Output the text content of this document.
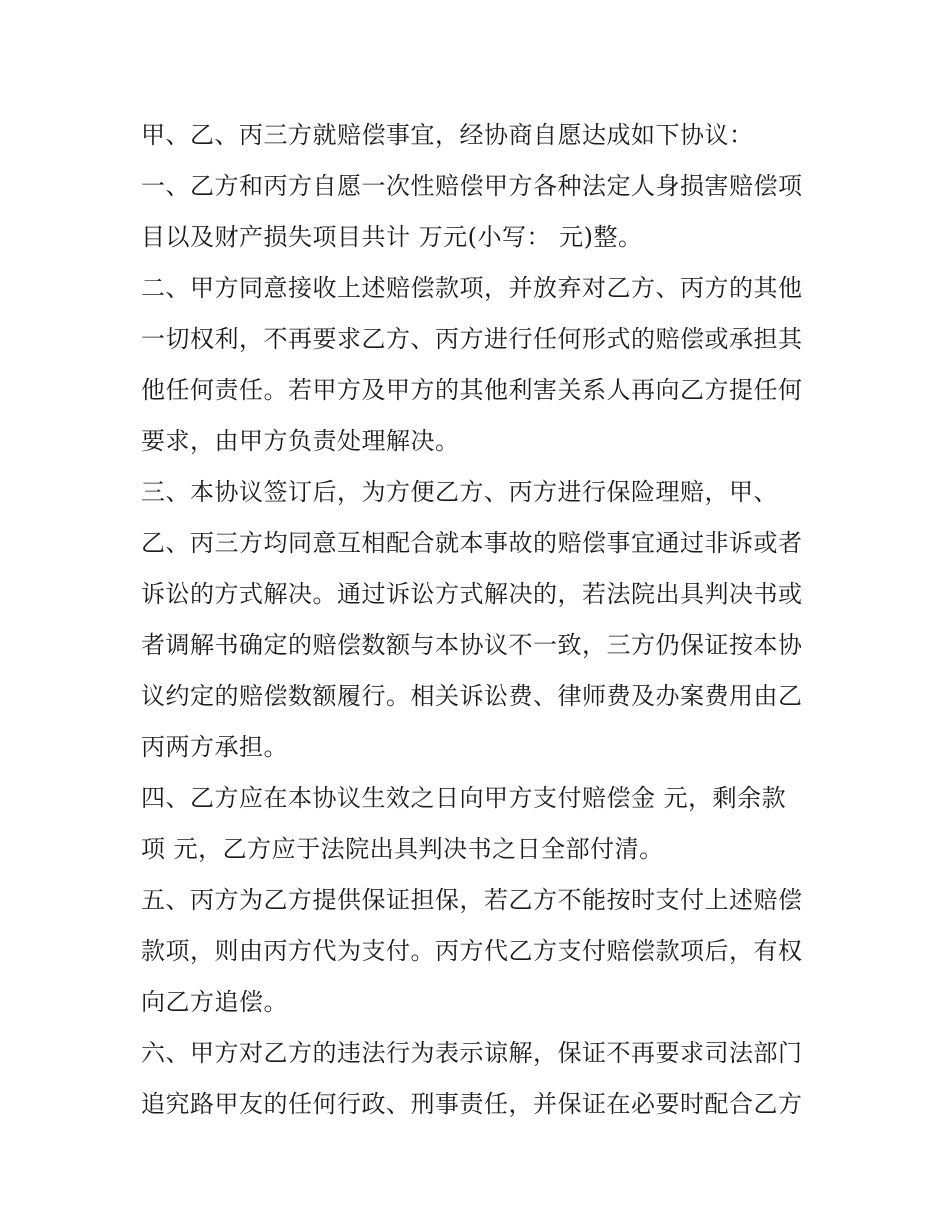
甲、乙、丙三方就赔偿事宜，经协商自愿达成如下协议：
一、乙方和丙方自愿一次性赔偿甲方各种法定人身损害赔偿项
目以及财产损失项目共计 万元(小写： 元)整。
二、甲方同意接收上述赔偿款项，并放弃对乙方、丙方的其他
一切权利，不再要求乙方、丙方进行任何形式的赔偿或承担其
他任何责任。若甲方及甲方的其他利害关系人再向乙方提任何
要求，由甲方负责处理解决。
三、本协议签订后，为方便乙方、丙方进行保险理赔，甲、
乙、丙三方均同意互相配合就本事故的赔偿事宜通过非诉或者
诉讼的方式解决。通过诉讼方式解决的，若法院出具判决书或
者调解书确定的赔偿数额与本协议不一致，三方仍保证按本协
议约定的赔偿数额履行。相关诉讼费、律师费及办案费用由乙
丙两方承担。
四、乙方应在本协议生效之日向甲方支付赔偿金 元，剩余款
项 元，乙方应于法院出具判决书之日全部付清。
五、丙方为乙方提供保证担保，若乙方不能按时支付上述赔偿
款项，则由丙方代为支付。丙方代乙方支付赔偿款项后，有权
向乙方追偿。
六、甲方对乙方的违法行为表示谅解，保证不再要求司法部门
追究路甲友的任何行政、刑事责任，并保证在必要时配合乙方
